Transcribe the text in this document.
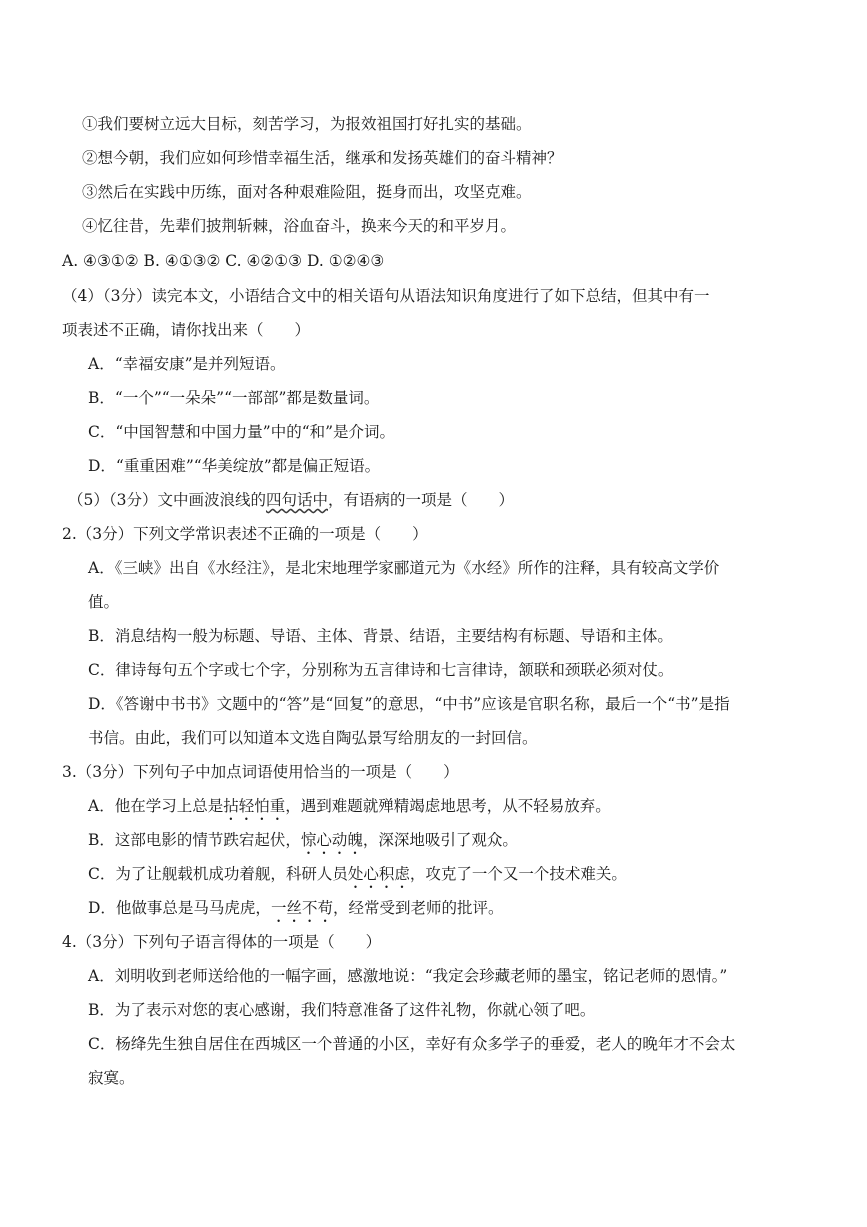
①我们要树立远大目标，刻苦学习，为报效祖国打好扎实的基础。
②想今朝，我们应如何珍惜幸福生活，继承和发扬英雄们的奋斗精神？
③然后在实践中历练，面对各种艰难险阻，挺身而出，攻坚克难。
④忆往昔，先辈们披荆斩棘，浴血奋斗，换来今天的和平岁月。
A. ④③①② B. ④①③② C. ④②①③ D. ①②④③
（4）（3分）读完本文，小语结合文中的相关语句从语法知识角度进行了如下总结，但其中有一
项表述不正确，请你找出来（　　）
A．“幸福安康”是并列短语。
B．“一个”“一朵朵”“一部部”都是数量词。
C．“中国智慧和中国力量”中的“和”是介词。
D．“重重困难”“华美绽放”都是偏正短语。
（5）（3分）文中画波浪线的四句话中，有语病的一项是（　　）
2.（3分）下列文学常识表述不正确的一项是（　　）
A．《三峡》出自《水经注》，是北宋地理学家郦道元为《水经》所作的注释，具有较高文学价
值。
B．消息结构一般为标题、导语、主体、背景、结语，主要结构有标题、导语和主体。
C．律诗每句五个字或七个字，分别称为五言律诗和七言律诗，颔联和颈联必须对仗。
D．《答谢中书书》文题中的“答”是“回复”的意思，“中书”应该是官职名称，最后一个“书”是指
书信。由此，我们可以知道本文选自陶弘景写给朋友的一封回信。
3.（3分）下列句子中加点词语使用恰当的一项是（　　）
A．他在学习上总是拈轻怕重，遇到难题就殚精竭虑地思考，从不轻易放弃。
B．这部电影的情节跌宕起伏，惊心动魄，深深地吸引了观众。
C．为了让舰载机成功着舰，科研人员处心积虑，攻克了一个又一个技术难关。
D．他做事总是马马虎虎，一丝不苟，经常受到老师的批评。
4.（3分）下列句子语言得体的一项是（　　）
A．刘明收到老师送给他的一幅字画，感激地说：“我定会珍藏老师的墨宝，铭记老师的恩情。”
B．为了表示对您的衷心感谢，我们特意准备了这件礼物，你就心领了吧。
C．杨绛先生独自居住在西城区一个普通的小区，幸好有众多学子的垂爱，老人的晚年才不会太
寂寞。
